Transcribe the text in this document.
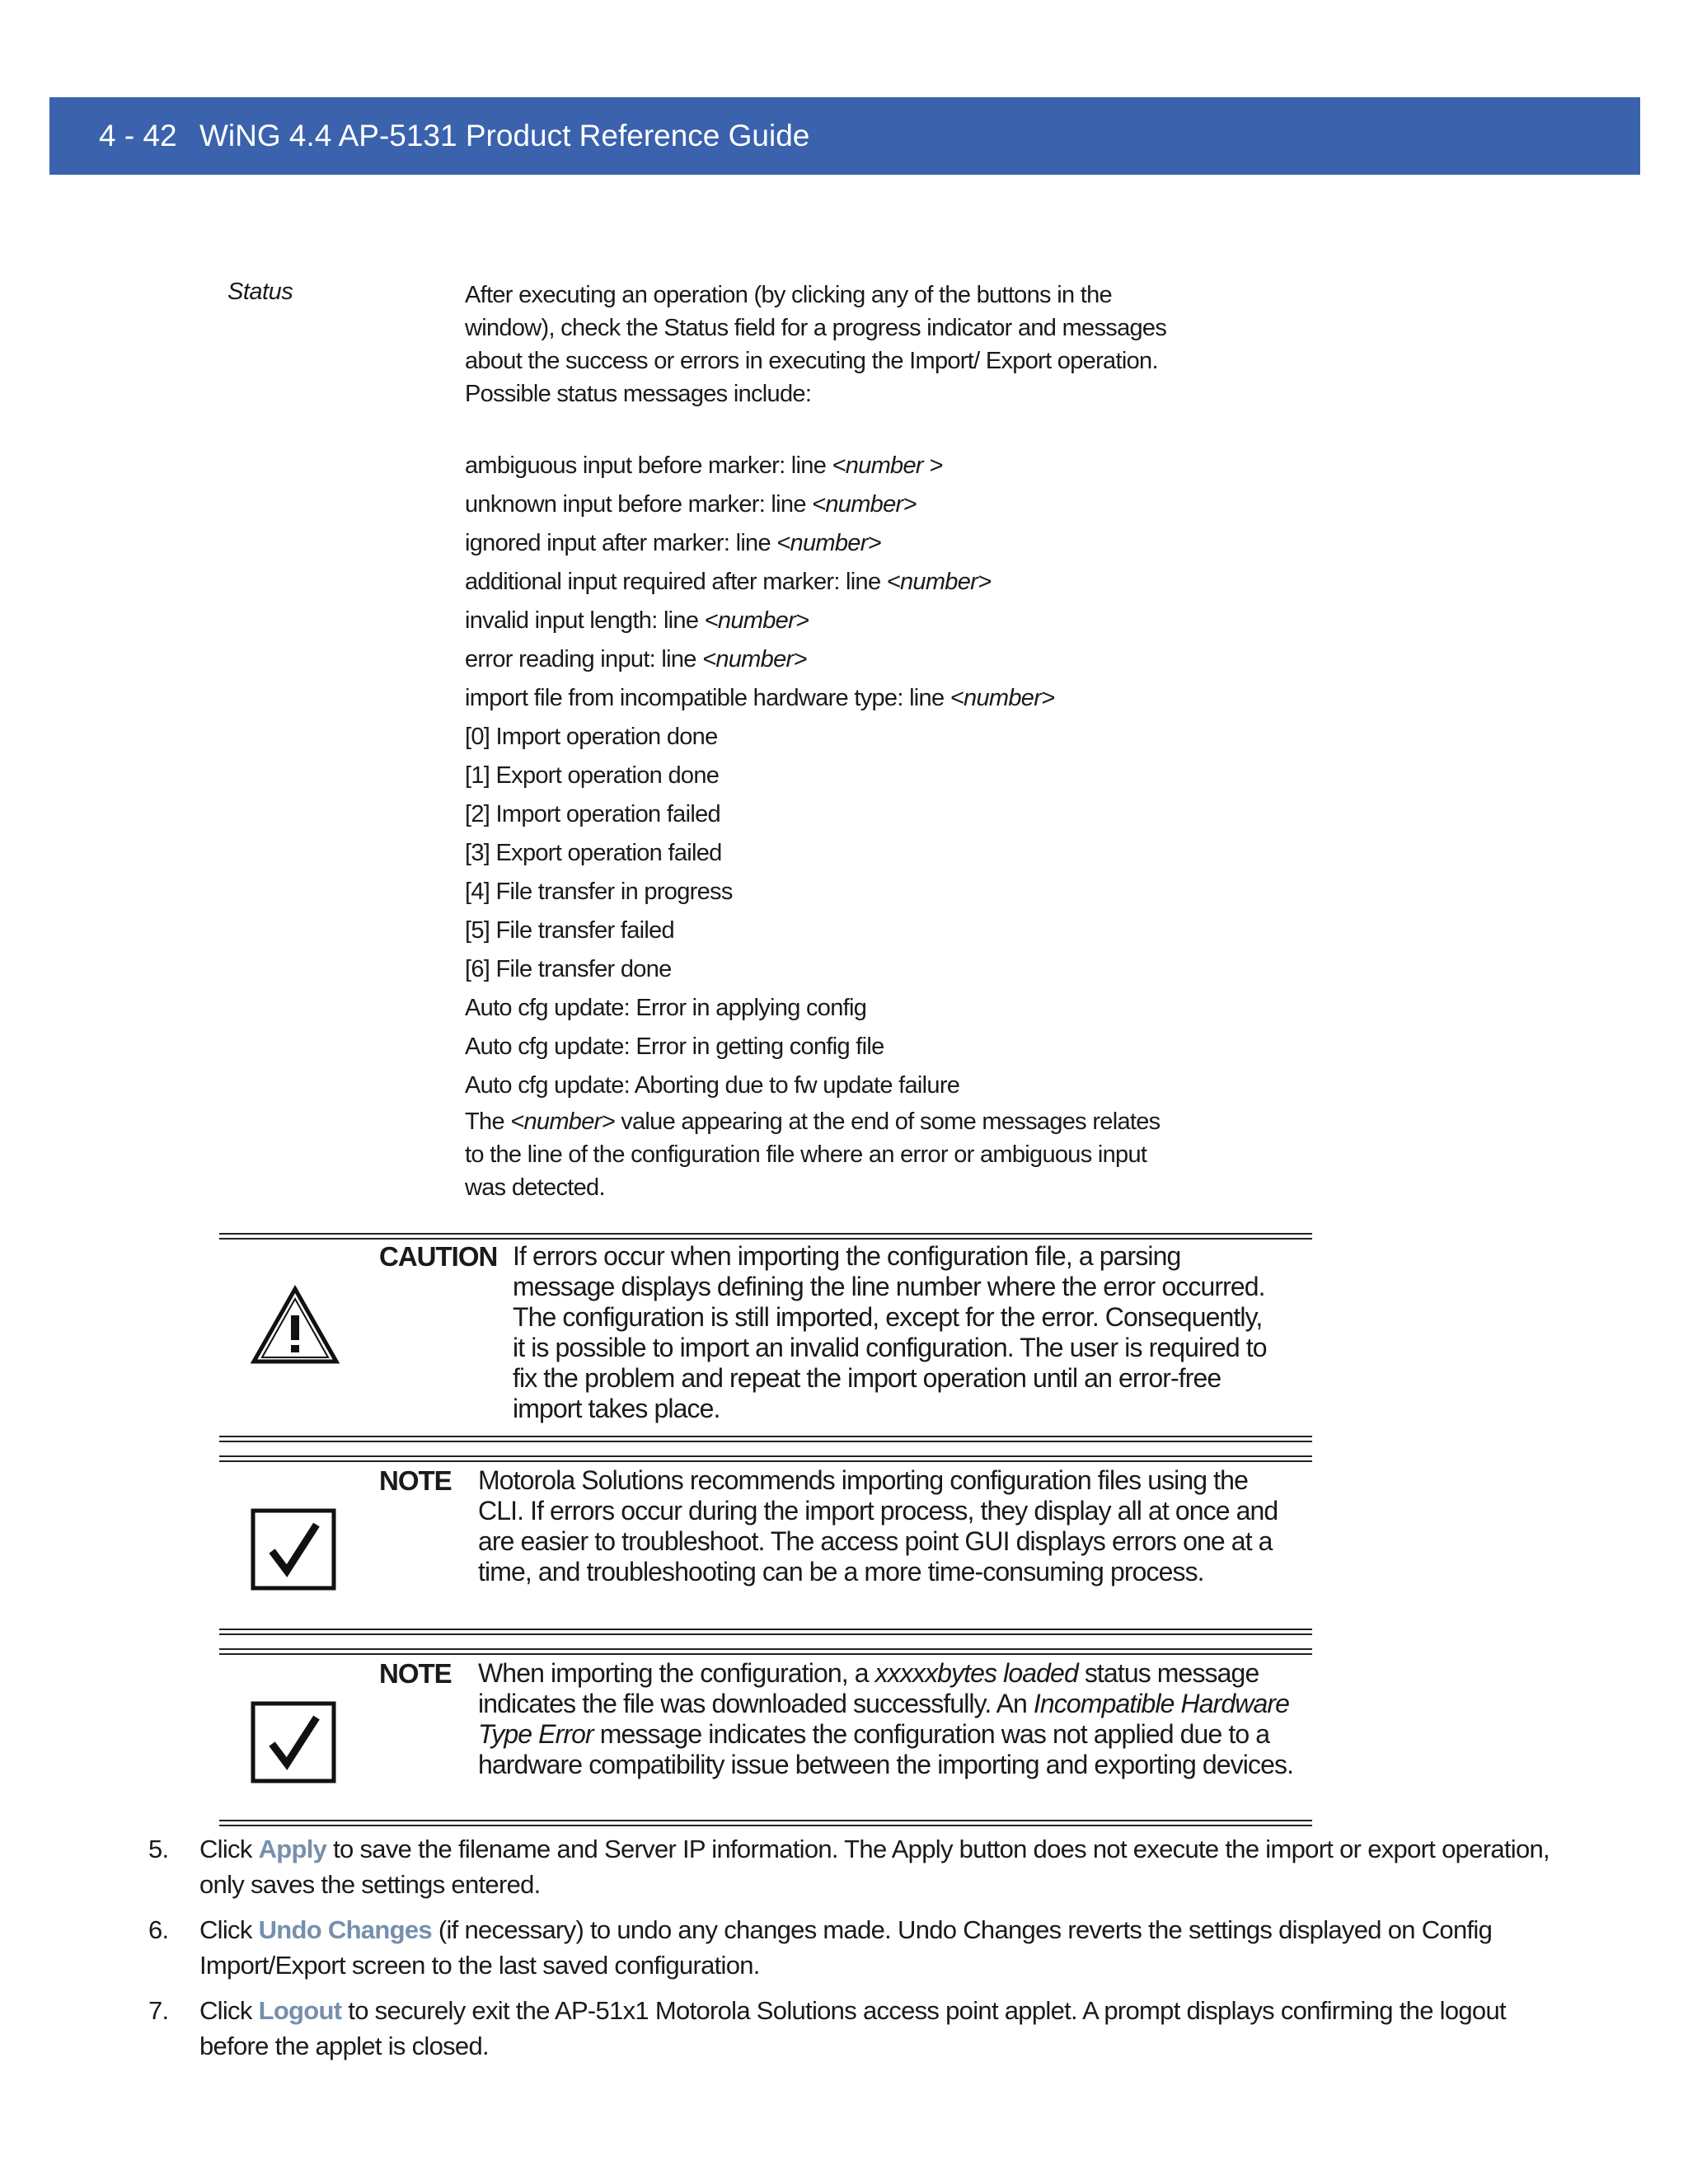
4 - 42 WiNG 4.4 AP-5131 Product Reference Guide
Status	After executing an operation (by clicking any of the buttons in the window), check the Status field for a progress indicator and messages about the success or errors in executing the Import/ Export operation. Possible status messages include:

ambiguous input before marker: line <number >
unknown input before marker: line <number>
ignored input after marker: line <number>
additional input required after marker: line <number>
invalid input length: line <number>
error reading input: line <number>
import file from incompatible hardware type: line <number>
[0] Import operation done
[1] Export operation done
[2] Import operation failed
[3] Export operation failed
[4] File transfer in progress
[5] File transfer failed
[6] File transfer done
Auto cfg update: Error in applying config
Auto cfg update: Error in getting config file
Auto cfg update: Aborting due to fw update failure

The <number> value appearing at the end of some messages relates to the line of the configuration file where an error or ambiguous input was detected.

CAUTION If errors occur when importing the configuration file, a parsing message displays defining the line number where the error occurred. The configuration is still imported, except for the error. Consequently, it is possible to import an invalid configuration. The user is required to fix the problem and repeat the import operation until an error-free import takes place.
NOTE Motorola Solutions recommends importing configuration files using the CLI. If errors occur during the import process, they display all at once and are easier to troubleshoot. The access point GUI displays errors one at a time, and troubleshooting can be a more time-consuming process.
NOTE When importing the configuration, a xxxxxbytes loaded status message indicates the file was downloaded successfully. An Incompatible Hardware Type Error message indicates the configuration was not applied due to a hardware compatibility issue between the importing and exporting devices.
5. Click Apply to save the filename and Server IP information. The Apply button does not execute the import or export operation, only saves the settings entered.
6. Click Undo Changes (if necessary) to undo any changes made. Undo Changes reverts the settings displayed on Config Import/Export screen to the last saved configuration.
7. Click Logout to securely exit the AP-51x1 Motorola Solutions access point applet. A prompt displays confirming the logout before the applet is closed.
